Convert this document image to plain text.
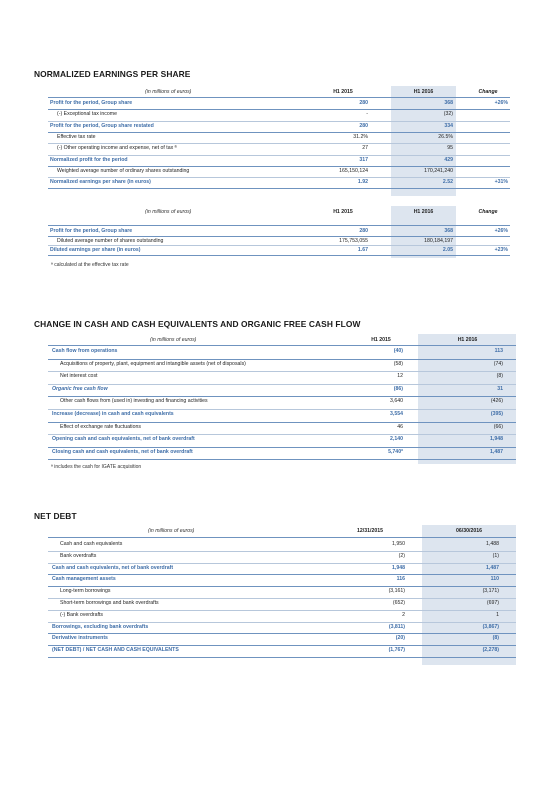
NORMALIZED EARNINGS PER SHARE
(in millions of euros)	H1 2015	H1 2016	Change
Profit for the period, Group share	280	368	+26%
(-) Exceptional tax income	-	(32)
Profit for the period, Group share restated	280	334
Effective tax rate	31.2%	26.5%
(-) Other operating income and expense, net of tax ª	27	95
Normalized profit for the period	317	429
Weighted average number of ordinary shares outstanding	165,150,124	170,241,240
Normalized earnings per share (in euros)	1.92	2.52	+31%
(in millions of euros)	H1 2015	H1 2016	Change
Profit for the period, Group share	280	368	+26%
Diluted average number of shares outstanding	175,753,055	180,184,197
Diluted earnings per share (in euros)	1.67	2.05	+23%
ª calculated at the effective tax rate
CHANGE IN CASH AND CASH EQUIVALENTS AND ORGANIC FREE CASH FLOW
(in millions of euros)	H1 2015	H1 2016
Cash flow from operations	(40)	113
Acquisitions of property, plant, equipment and intangible assets (net of disposals)	(58)	(74)
Net interest cost	12	(8)
Organic free cash flow	(86)	31
Other cash flows from (used in) investing and financing activities	3,640	(426)
Increase (decrease) in cash and cash equivalents	3,554	(395)
Effect of exchange rate fluctuations	46	(66)
Opening cash and cash equivalents, net of bank overdraft	2,140	1,948
Closing cash and cash equivalents, net of bank overdraft	5,740ª	1,487
ª includes the cash for IGATE acquisition
NET DEBT
(in millions of euros)	12/31/2015	06/30/2016
Cash and cash equivalents	1,950	1,488
Bank overdrafts	(2)	(1)
Cash and cash equivalents, net of bank overdraft	1,948	1,487
Cash management assets	116	110
Long-term borrowings	(3,161)	(3,171)
Short-term borrowings and bank overdrafts	(652)	(697)
(-) Bank overdrafts	2	1
Borrowings, excluding bank overdrafts	(3,811)	(3,867)
Derivative instruments	(20)	(8)
(NET DEBT) / NET CASH AND CASH EQUIVALENTS	(1,767)	(2,278)
